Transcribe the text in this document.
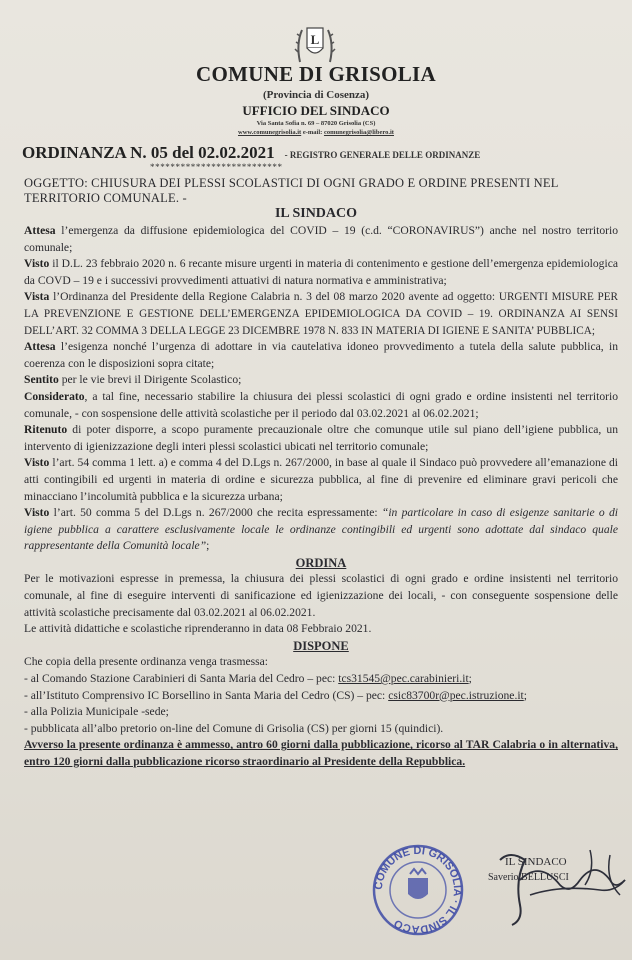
L
COMUNE DI GRISOLIA
(Provincia di Cosenza)
UFFICIO DEL SINDACO
Via Santa Sofia n. 69 – 87020 Grisolia (CS)
www.comunegrisolia.it e-mail: comunegrisolia@libero.it
ORDINANZA N. 05 del 02.02.2021 - REGISTRO GENERALE DELLE ORDINANZE
**************************
OGGETTO: CHIUSURA DEI PLESSI SCOLASTICI DI OGNI GRADO E ORDINE PRESENTI NEL TERRITORIO COMUNALE. -
IL SINDACO

Attesa l’emergenza da diffusione epidemiologica del COVID – 19 (c.d. “CORONAVIRUS”) anche nel nostro territorio comunale;

Visto il D.L. 23 febbraio 2020 n. 6 recante misure urgenti in materia di contenimento e gestione dell’emergenza epidemiologica da COVD – 19 e i successivi provvedimenti attuativi di natura normativa e amministrativa;

Vista l’Ordinanza del Presidente della Regione Calabria n. 3 del 08 marzo 2020 avente ad oggetto: URGENTI MISURE PER LA PREVENZIONE E GESTIONE DELL’EMERGENZA EPIDEMIOLOGICA DA COVID – 19. ORDINANZA AI SENSI DELL’ART. 32 COMMA 3 DELLA LEGGE 23 DICEMBRE 1978 N. 833 IN MATERIA DI IGIENE E SANITA’ PUBBLICA;

Attesa l’esigenza nonché l’urgenza di adottare in via cautelativa idoneo provvedimento a tutela della salute pubblica, in coerenza con le disposizioni sopra citate;

Sentito per le vie brevi il Dirigente Scolastico;

Considerato, a tal fine, necessario stabilire la chiusura dei plessi scolastici di ogni grado e ordine insistenti nel territorio comunale, - con sospensione delle attività scolastiche per il periodo dal 03.02.2021 al 06.02.2021;

Ritenuto di poter disporre, a scopo puramente precauzionale oltre che comunque utile sul piano dell’igiene pubblica, un intervento di igienizzazione degli interi plessi scolastici ubicati nel territorio comunale;

Visto l’art. 54 comma 1 lett. a) e comma 4 del D.Lgs n. 267/2000, in base al quale il Sindaco può provvedere all’emanazione di atti contingibili ed urgenti in materia di ordine e sicurezza pubblica, al fine di prevenire ed eliminare gravi pericoli che minacciano l’incolumità pubblica e la sicurezza urbana;

Visto l’art. 50 comma 5 del D.Lgs n. 267/2000 che recita espressamente: “in particolare in caso di esigenze sanitarie o di igiene pubblica a carattere esclusivamente locale le ordinanze contingibili ed urgenti sono adottate dal sindaco quale rappresentante della Comunità locale”;

ORDINA

Per le motivazioni espresse in premessa, la chiusura dei plessi scolastici di ogni grado e ordine insistenti nel territorio comunale, al fine di eseguire interventi di sanificazione ed igienizzazione dei locali, - con conseguente sospensione delle attività scolastiche precisamente dal 03.02.2021 al 06.02.2021.

Le attività didattiche e scolastiche riprenderanno in data 08 Febbraio 2021.

DISPONE

Che copia della presente ordinanza venga trasmessa:

- al Comando Stazione Carabinieri di Santa Maria del Cedro – pec: tcs31545@pec.carabinieri.it;

- all’Istituto Comprensivo IC Borsellino in Santa Maria del Cedro (CS) – pec: csic83700r@pec.istruzione.it;

- alla Polizia Municipale -sede;

- pubblicata all’albo pretorio on-line del Comune di Grisolia (CS) per giorni 15 (quindici).

Avverso la presente ordinanza è ammesso, antro 60 giorni dalla pubblicazione, ricorso al TAR Calabria o in alternativa, entro 120 giorni dalla pubblicazione ricorso straordinario al Presidente della Repubblica.

COMUNE DI GRISOLIA · IL SINDACO
IL SINDACO
Saverio BELLUSCI
